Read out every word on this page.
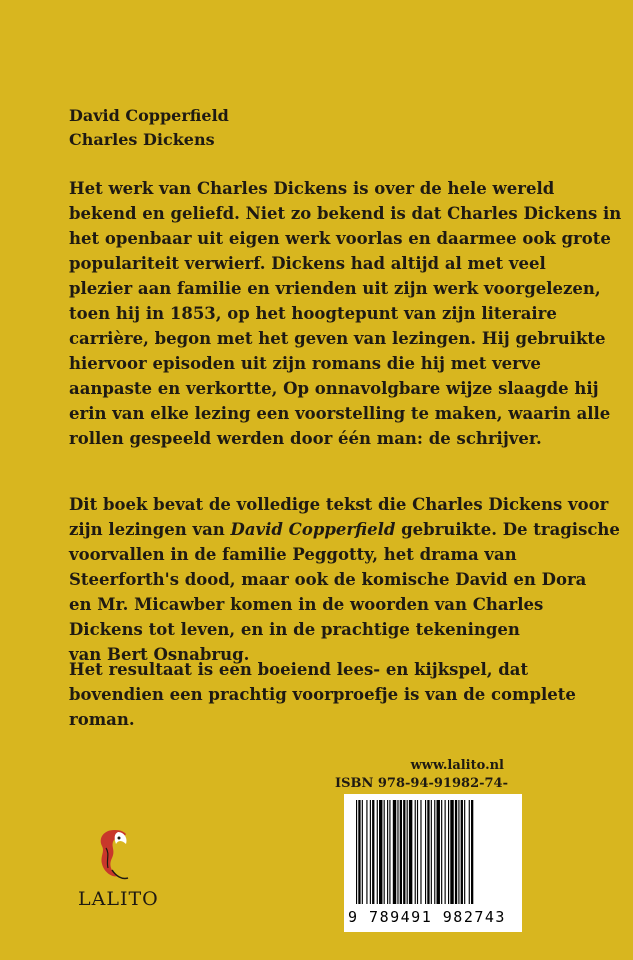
David Copperfield
Charles Dickens
Het werk van Charles Dickens is over de hele wereld
bekend en geliefd. Niet zo bekend is dat Charles Dickens in
het openbaar uit eigen werk voorlas en daarmee ook grote
populariteit verwierf. Dickens had altijd al met veel
plezier aan familie en vrienden uit zijn werk voorgelezen,
toen hij in 1853, op het hoogtepunt van zijn literaire
carrière, begon met het geven van lezingen. Hij gebruikte
hiervoor episoden uit zijn romans die hij met verve
aanpaste en verkortte, Op onnavolgbare wijze slaagde hij
erin van elke lezing een voorstelling te maken, waarin alle
rollen gespeeld werden door één man: de schrijver.
Dit boek bevat de volledige tekst die Charles Dickens voor
zijn lezingen van David Copperfield gebruikte. De tragische
voorvallen in de familie Peggotty, het drama van
Steerforth's dood, maar ook de komische David en Dora
en Mr. Micawber komen in de woorden van Charles
Dickens tot leven, en in de prachtige tekeningen
van Bert Osnabrug.
Het resultaat is een boeiend lees- en kijkspel, dat
bovendien een prachtig voorproefje is van de complete
roman.
www.lalito.nl
ISBN 978-94-91982-74-
9 789491 982743
LALITO
